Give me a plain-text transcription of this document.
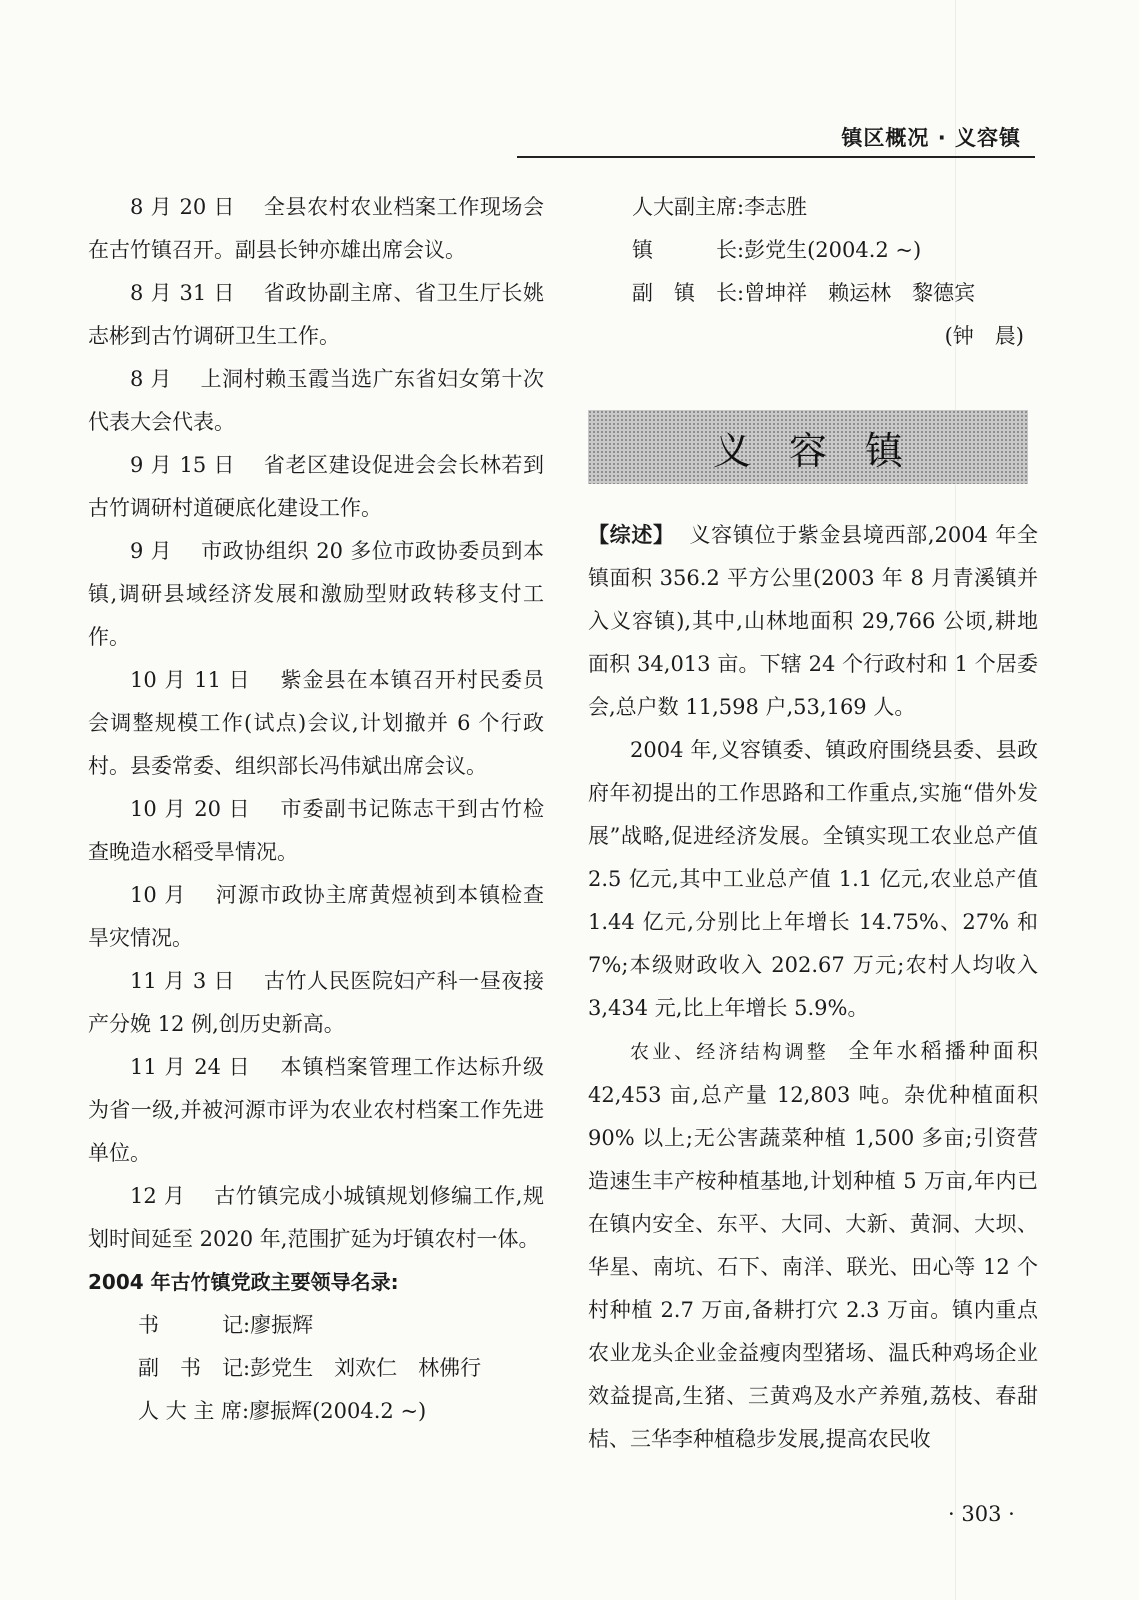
镇区概况 · 义容镇

8 月 20 日　 全县农村农业档案工作现场会在古竹镇召开。副县长钟亦雄出席会议。

8 月 31 日　 省政协副主席、省卫生厅长姚志彬到古竹调研卫生工作。

8 月　 上洞村赖玉霞当选广东省妇女第十次代表大会代表。

9 月 15 日　 省老区建设促进会会长林若到古竹调研村道硬底化建设工作。

9 月　 市政协组织 20 多位市政协委员到本镇,调研县域经济发展和激励型财政转移支付工作。

10 月 11 日　 紫金县在本镇召开村民委员会调整规模工作(试点)会议,计划撤并 6 个行政村。县委常委、组织部长冯伟斌出席会议。

10 月 20 日　 市委副书记陈志干到古竹检查晚造水稻受旱情况。

10 月　 河源市政协主席黄煜祯到本镇检查旱灾情况。

11 月 3 日　 古竹人民医院妇产科一昼夜接产分娩 12 例,创历史新高。

11 月 24 日　 本镇档案管理工作达标升级为省一级,并被河源市评为农业农村档案工作先进单位。

12 月　 古竹镇完成小城镇规划修编工作,规划时间延至 2020 年,范围扩延为圩镇农村一体。

2004 年古竹镇党政主要领导名录:

书　　　记:廖振辉

副　书　记:彭党生　刘欢仁　林佛行

人 大 主 席:廖振辉(2004.2 ~)

人大副主席:李志胜

镇　　　长:彭党生(2004.2 ~)

副　镇　长:曾坤祥　赖运林　黎德宾

(钟　晨)

义容镇

【综述】 义容镇位于紫金县境西部,2004 年全镇面积 356.2 平方公里(2003 年 8 月青溪镇并入义容镇),其中,山林地面积 29,766 公顷,耕地面积 34,013 亩。下辖 24 个行政村和 1 个居委会,总户数 11,598 户,53,169 人。

2004 年,义容镇委、镇政府围绕县委、县政府年初提出的工作思路和工作重点,实施“借外发展”战略,促进经济发展。全镇实现工农业总产值 2.5 亿元,其中工业总产值 1.1 亿元,农业总产值 1.44 亿元,分别比上年增长 14.75%、27% 和 7%;本级财政收入 202.67 万元;农村人均收入 3,434 元,比上年增长 5.9%。

农业、经济结构调整 全年水稻播种面积 42,453 亩,总产量 12,803 吨。杂优种植面积 90% 以上;无公害蔬菜种植 1,500 多亩;引资营造速生丰产桉种植基地,计划种植 5 万亩,年内已在镇内安全、东平、大同、大新、黄洞、大坝、华星、南坑、石下、南洋、联光、田心等 12 个村种植 2.7 万亩,备耕打穴 2.3 万亩。镇内重点农业龙头企业金益瘦肉型猪场、温氏种鸡场企业效益提高,生猪、三黄鸡及水产养殖,荔枝、春甜桔、三华李种植稳步发展,提高农民收

· 303 ·
